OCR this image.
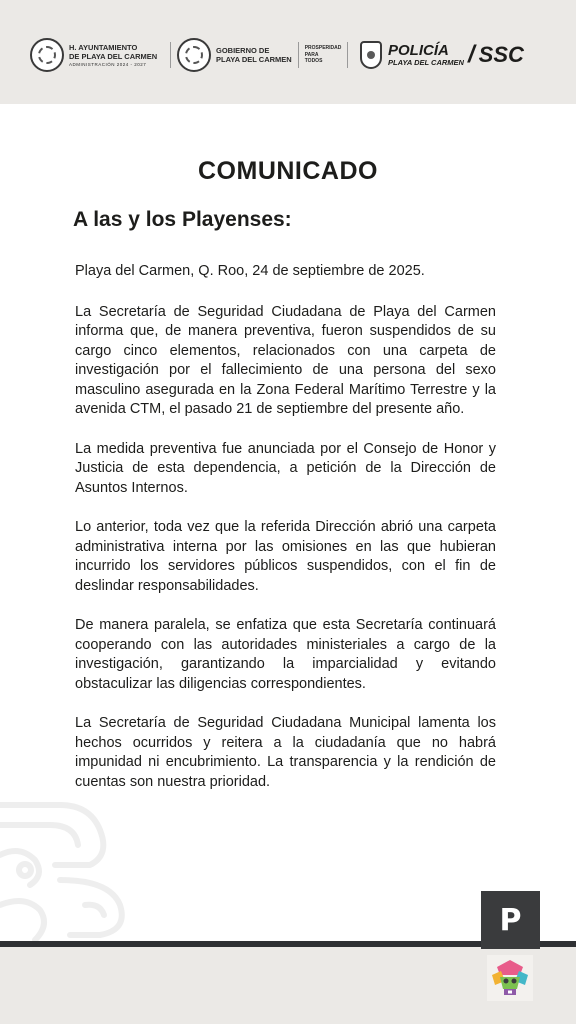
H. AYUNTAMIENTO
DE PLAYA DEL CARMEN
ADMINISTRACIÓN 2024 - 2027
GOBIERNO DE
PLAYA DEL CARMEN
PROSPERIDAD
PARA
TODOS
POLICÍA
PLAYA DEL CARMEN / SSC
COMUNICADO
A las y los Playenses:

Playa del Carmen, Q. Roo, 24 de septiembre de 2025.

La Secretaría de Seguridad Ciudadana de Playa del Carmen informa que, de manera preventiva, fueron suspendidos de su cargo cinco elementos, relacionados con una carpeta de investigación por el fallecimiento de una persona del sexo masculino asegurada en la Zona Federal Marítimo Terrestre y la avenida CTM, el pasado 21 de septiembre del presente año.

La medida preventiva fue anunciada por el Consejo de Honor y Justicia de esta dependencia, a petición de la Dirección de Asuntos Internos.

Lo anterior, toda vez que la referida Dirección abrió una carpeta administrativa interna por las omisiones en las que hubieran incurrido los servidores públicos suspendidos, con el fin de deslindar responsabilidades.

De manera paralela, se enfatiza que esta Secretaría continuará cooperando con las autoridades ministeriales a cargo de la investigación, garantizando la imparcialidad y evitando obstaculizar las diligencias correspondientes.

La Secretaría de Seguridad Ciudadana Municipal lamenta los hechos ocurridos y reitera a la ciudadanía que no habrá impunidad ni encubrimiento. La transparencia y la rendición de cuentas son nuestra prioridad.

P
